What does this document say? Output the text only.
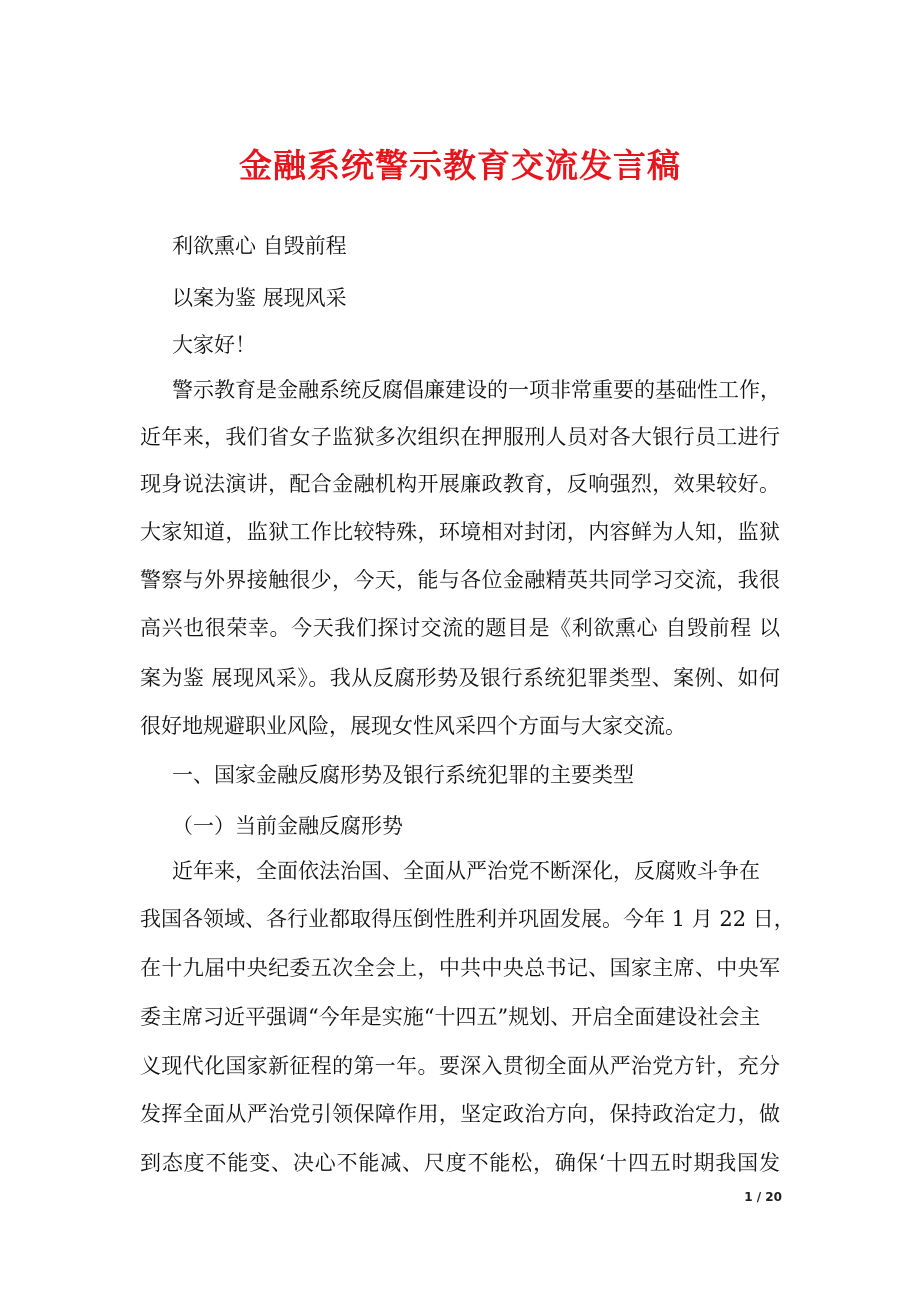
金融系统警示教育交流发言稿
利欲熏心 自毁前程
以案为鉴 展现风采
大家好！
警示教育是金融系统反腐倡廉建设的一项非常重要的基础性工作，
近年来，我们省女子监狱多次组织在押服刑人员对各大银行员工进行
现身说法演讲，配合金融机构开展廉政教育，反响强烈，效果较好。
大家知道，监狱工作比较特殊，环境相对封闭，内容鲜为人知，监狱
警察与外界接触很少，今天，能与各位金融精英共同学习交流，我很
高兴也很荣幸。今天我们探讨交流的题目是《利欲熏心 自毁前程 以
案为鉴 展现风采》。我从反腐形势及银行系统犯罪类型、案例、如何
很好地规避职业风险，展现女性风采四个方面与大家交流。
一、国家金融反腐形势及银行系统犯罪的主要类型
（一）当前金融反腐形势
近年来，全面依法治国、全面从严治党不断深化，反腐败斗争在
我国各领域、各行业都取得压倒性胜利并巩固发展。今年 1 月 22 日，
在十九届中央纪委五次全会上，中共中央总书记、国家主席、中央军
委主席习近平强调“今年是实施“十四五”规划、开启全面建设社会主
义现代化国家新征程的第一年。要深入贯彻全面从严治党方针，充分
发挥全面从严治党引领保障作用，坚定政治方向，保持政治定力，做
到态度不能变、决心不能减、尺度不能松，确保‘十四五时期我国发
1 / 20
